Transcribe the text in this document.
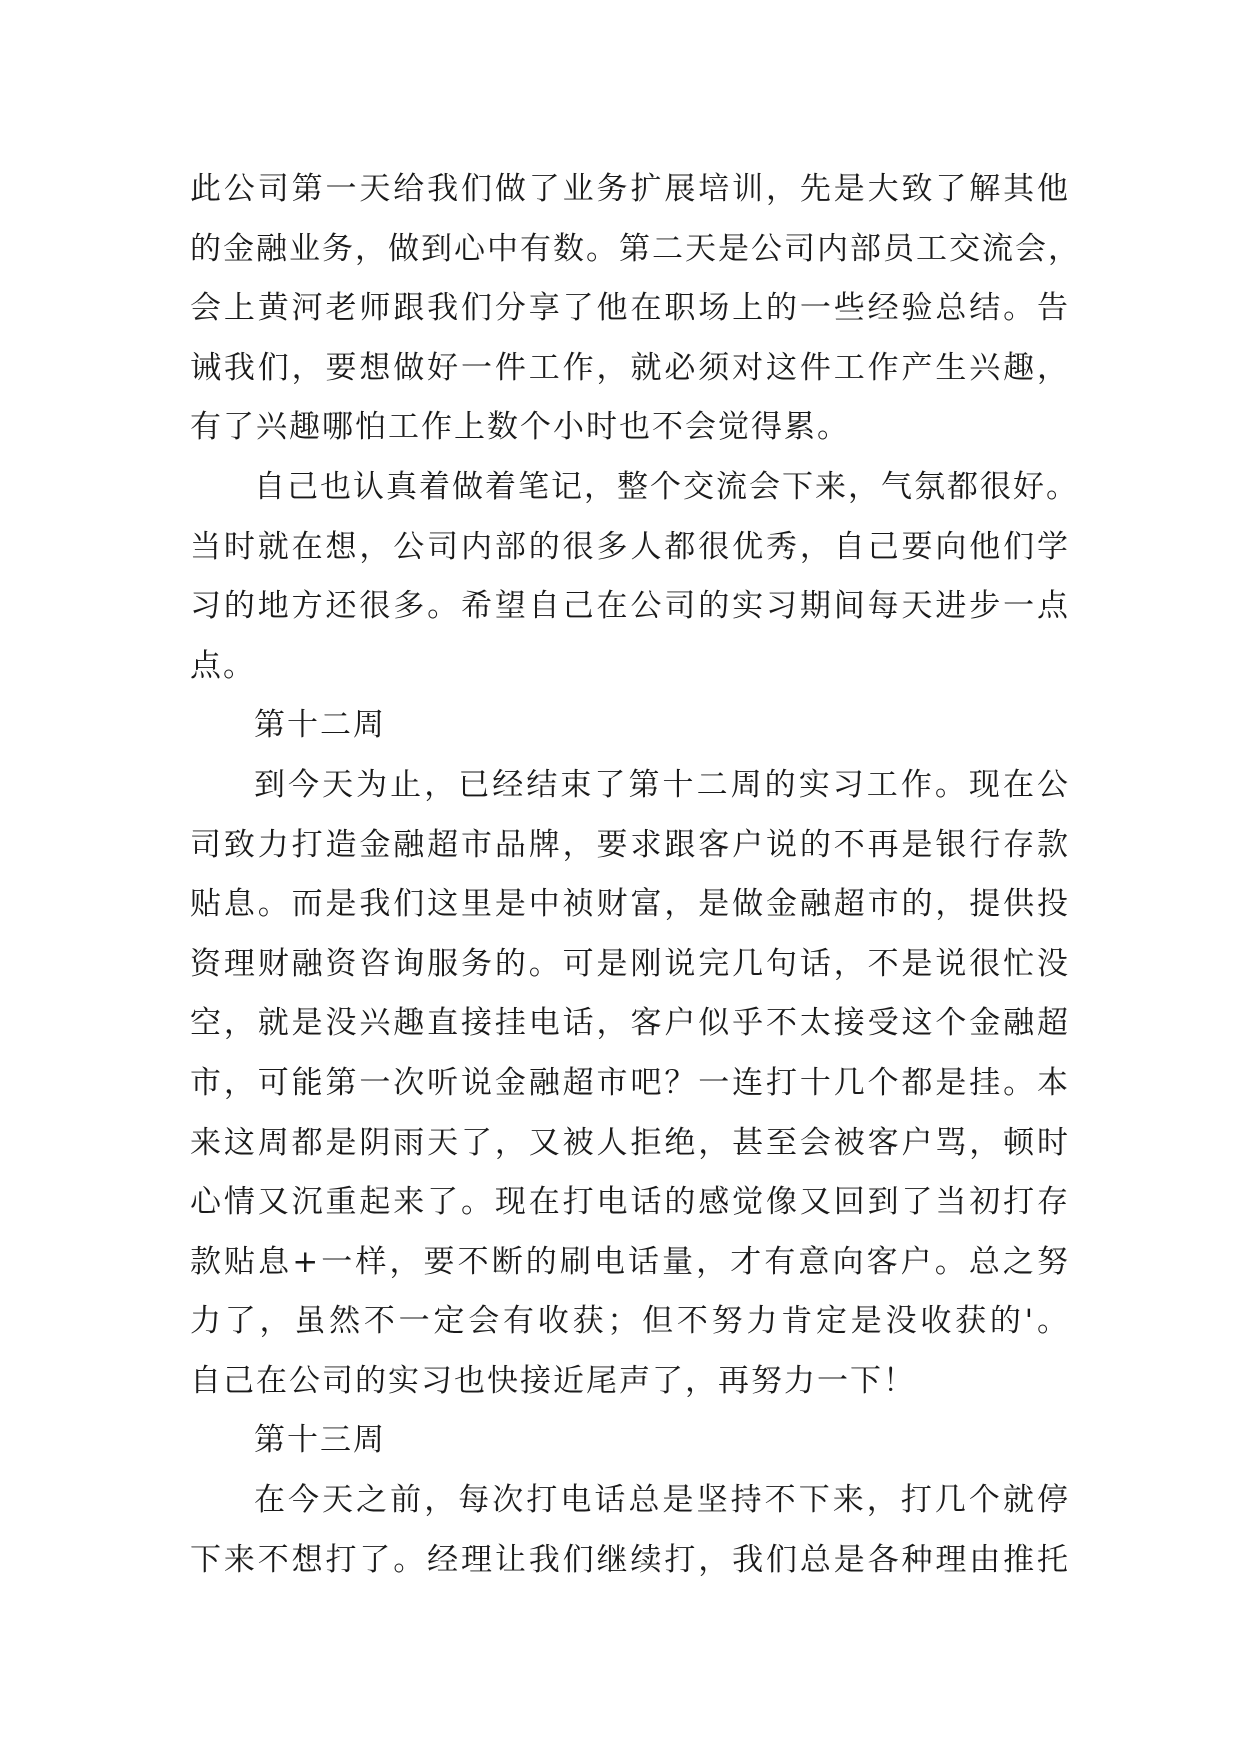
此公司第一天给我们做了业务扩展培训，先是大致了解其他
的金融业务，做到心中有数。第二天是公司内部员工交流会，
会上黄河老师跟我们分享了他在职场上的一些经验总结。告
诫我们，要想做好一件工作，就必须对这件工作产生兴趣，
有了兴趣哪怕工作上数个小时也不会觉得累。
自己也认真着做着笔记，整个交流会下来，气氛都很好。
当时就在想，公司内部的很多人都很优秀，自己要向他们学
习的地方还很多。希望自己在公司的实习期间每天进步一点
点。
第十二周
到今天为止，已经结束了第十二周的实习工作。现在公
司致力打造金融超市品牌，要求跟客户说的不再是银行存款
贴息。而是我们这里是中祯财富，是做金融超市的，提供投
资理财融资咨询服务的。可是刚说完几句话，不是说很忙没
空，就是没兴趣直接挂电话，客户似乎不太接受这个金融超
市，可能第一次听说金融超市吧？一连打十几个都是挂。本
来这周都是阴雨天了，又被人拒绝，甚至会被客户骂，顿时
心情又沉重起来了。现在打电话的感觉像又回到了当初打存
款贴息+一样，要不断的刷电话量，才有意向客户。总之努
力了，虽然不一定会有收获；但不努力肯定是没收获的'。
自己在公司的实习也快接近尾声了，再努力一下！
第十三周
在今天之前，每次打电话总是坚持不下来，打几个就停
下来不想打了。经理让我们继续打，我们总是各种理由推托
